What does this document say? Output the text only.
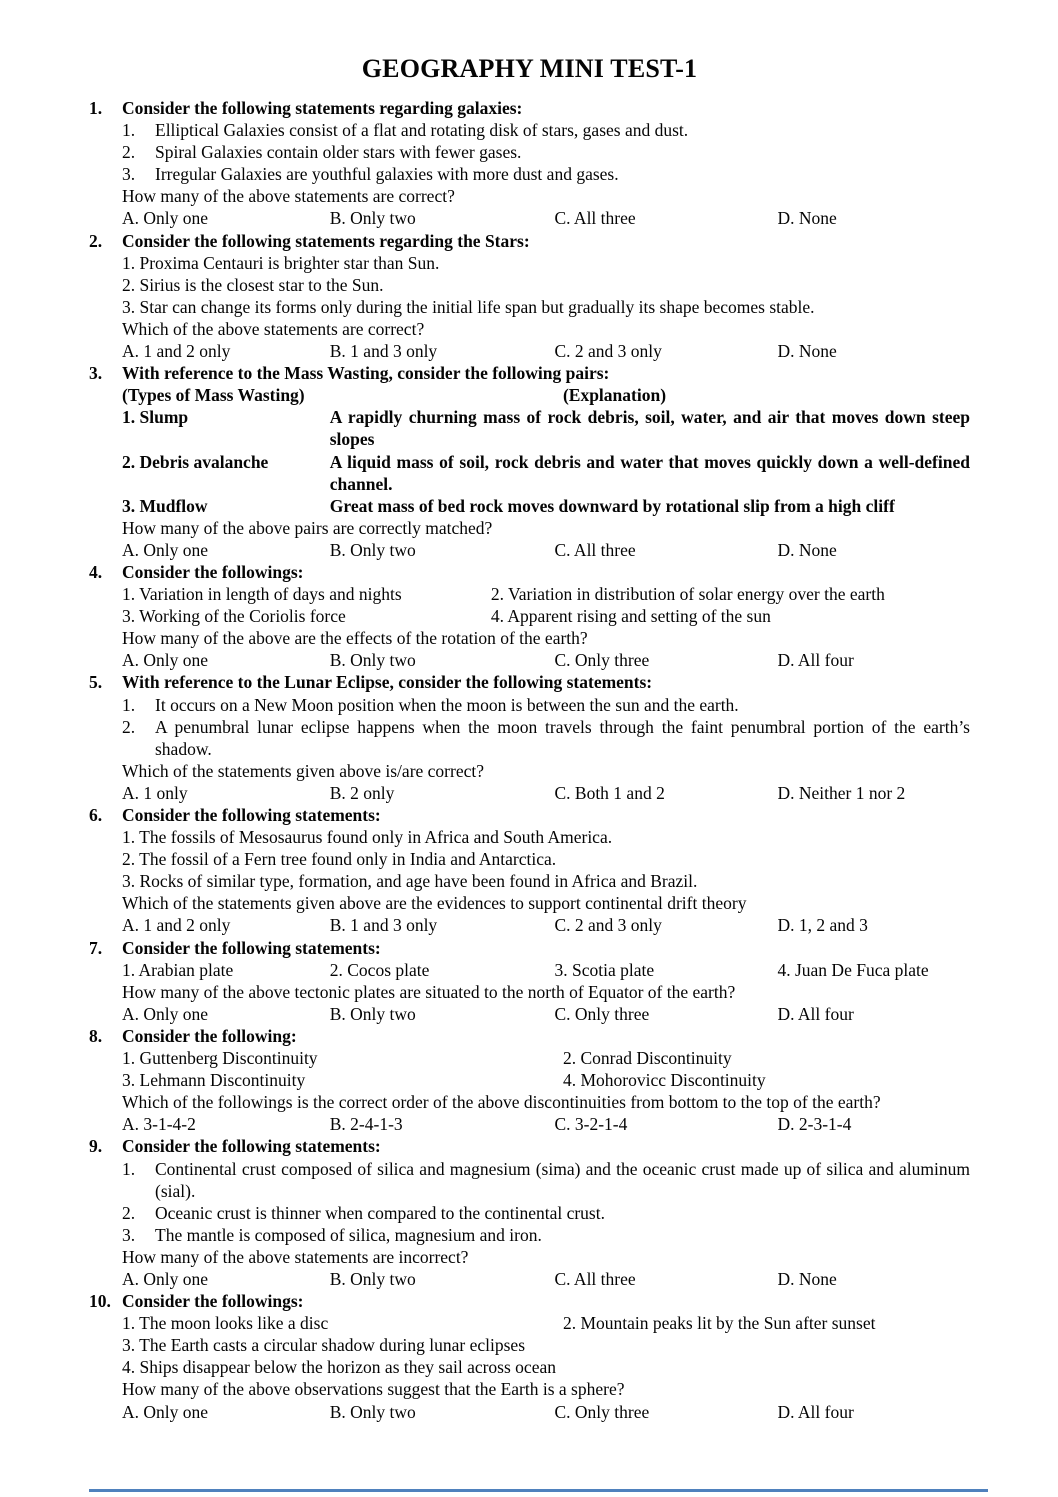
GEOGRAPHY MINI TEST-1
1.	Consider the following statements regarding galaxies:
1.	Elliptical Galaxies consist of a flat and rotating disk of stars, gases and dust.
2.	Spiral Galaxies contain older stars with fewer gases.
3.	Irregular Galaxies are youthful galaxies with more dust and gases.
How many of the above statements are correct?
A. Only one	B. Only two	C. All three	D. None
2.	Consider the following statements regarding the Stars:
1. Proxima Centauri is brighter star than Sun.
2. Sirius is the closest star to the Sun.
3. Star can change its forms only during the initial life span but gradually its shape becomes stable.
Which of the above statements are correct?
A. 1 and 2 only	B. 1 and 3 only	C. 2 and 3 only	D. None
3.	With reference to the Mass Wasting, consider the following pairs:
(Types of Mass Wasting)	(Explanation)
1. Slump	A rapidly churning mass of rock debris, soil, water, and air that moves down steep slopes
2. Debris avalanche	A liquid mass of soil, rock debris and water that moves quickly down a well-defined channel.
3. Mudflow	Great mass of bed rock moves downward by rotational slip from a high cliff
How many of the above pairs are correctly matched?
A. Only one	B. Only two	C. All three	D. None
4.	Consider the followings:
1. Variation in length of days and nights	2. Variation in distribution of solar energy over the earth
3. Working of the Coriolis force	4. Apparent rising and setting of the sun
How many of the above are the effects of the rotation of the earth?
A. Only one	B. Only two	C. Only three	D. All four
5.	With reference to the Lunar Eclipse, consider the following statements:
1.	It occurs on a New Moon position when the moon is between the sun and the earth.
2.	A penumbral lunar eclipse happens when the moon travels through the faint penumbral portion of the earth’s shadow.
Which of the statements given above is/are correct?
A. 1 only	B. 2 only	C. Both 1 and 2	D. Neither 1 nor 2
6.	Consider the following statements:
1. The fossils of Mesosaurus found only in Africa and South America.
2. The fossil of a Fern tree found only in India and Antarctica.
3. Rocks of similar type, formation, and age have been found in Africa and Brazil.
Which of the statements given above are the evidences to support continental drift theory
A. 1 and 2 only	B. 1 and 3 only	C. 2 and 3 only	D. 1, 2 and 3
7.	Consider the following statements:
1. Arabian plate	2. Cocos plate	3. Scotia plate	4. Juan De Fuca plate
How many of the above tectonic plates are situated to the north of Equator of the earth?
A. Only one	B. Only two	C. Only three	D. All four
8.	Consider the following:
1. Guttenberg Discontinuity	2. Conrad Discontinuity
3. Lehmann Discontinuity	4. Mohorovicc Discontinuity
Which of the followings is the correct order of the above discontinuities from bottom to the top of the earth?
A. 3-1-4-2	B. 2-4-1-3	C. 3-2-1-4	D. 2-3-1-4
9.	Consider the following statements:
1.	Continental crust composed of silica and magnesium (sima) and the oceanic crust made up of silica and aluminum (sial).
2.	Oceanic crust is thinner when compared to the continental crust.
3.	The mantle is composed of silica, magnesium and iron.
How many of the above statements are incorrect?
A. Only one	B. Only two	C. All three	D. None
10. Consider the followings:
1. The moon looks like a disc	2. Mountain peaks lit by the Sun after sunset
3. The Earth casts a circular shadow during lunar eclipses
4. Ships disappear below the horizon as they sail across ocean
How many of the above observations suggest that the Earth is a sphere?
A. Only one	B. Only two	C. Only three	D. All four
